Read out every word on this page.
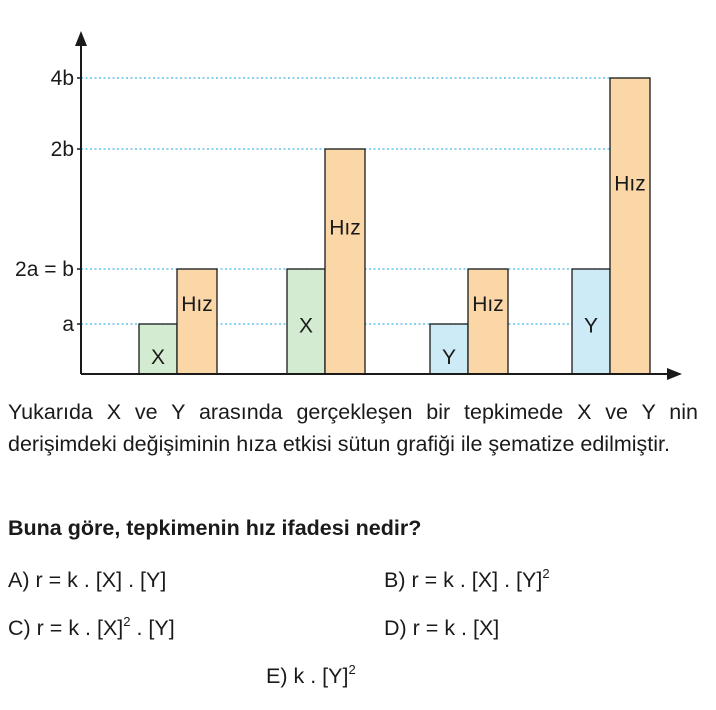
X
Hız
X
Hız
Y
Hız
Y
Hız
a
2a = b
2b
4b
Yukarıda X ve Y arasında gerçekleşen bir tepkimede X ve Y nin derişimdeki değişiminin hıza etkisi sütun grafiği ile şematize edilmiştir.
Buna göre, tepkimenin hız ifadesi nedir?
A) r = k . [X] . [Y]	B) r = k . [X] . $[Y]^2$
C) r = k . $[X]^2$ . [Y]	D) r = k . [X]
E) k . $[Y]^2$
